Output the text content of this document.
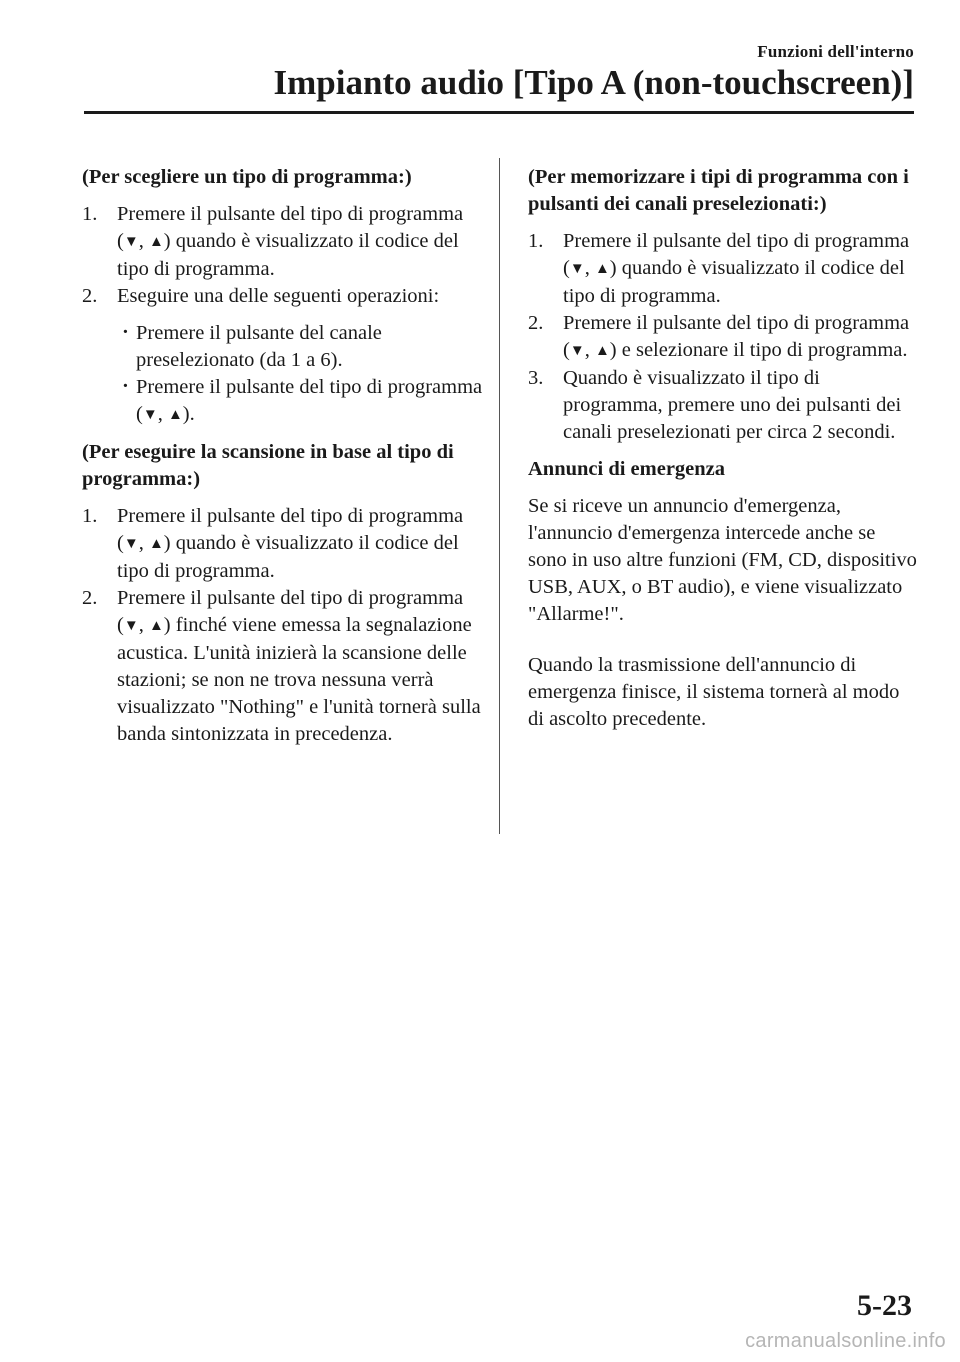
Funzioni dell'interno
Impianto audio [Tipo A (non-touchscreen)]

(Per scegliere un tipo di programma:)

1. Premere il pulsante del tipo di programma (▼, ▲) quando è visualizzato il codice del tipo di programma.
2. Eseguire una delle seguenti operazioni:
· Premere il pulsante del canale preselezionato (da 1 a 6).
· Premere il pulsante del tipo di programma (▼, ▲).

(Per eseguire la scansione in base al tipo di programma:)

1. Premere il pulsante del tipo di programma (▼, ▲) quando è visualizzato il codice del tipo di programma.
2. Premere il pulsante del tipo di programma (▼, ▲) finché viene emessa la segnalazione acustica. L'unità inizierà la scansione delle stazioni; se non ne trova nessuna verrà visualizzato "Nothing" e l'unità tornerà sulla banda sintonizzata in precedenza.

(Per memorizzare i tipi di programma con i pulsanti dei canali preselezionati:)

1. Premere il pulsante del tipo di programma (▼, ▲) quando è visualizzato il codice del tipo di programma.
2. Premere il pulsante del tipo di programma (▼, ▲) e selezionare il tipo di programma.
3. Quando è visualizzato il tipo di programma, premere uno dei pulsanti dei canali preselezionati per circa 2 secondi.

Annunci di emergenza

Se si riceve un annuncio d'emergenza, l'annuncio d'emergenza intercede anche se sono in uso altre funzioni (FM, CD, dispositivo USB, AUX, o BT audio), e viene visualizzato "Allarme!".

Quando la trasmissione dell'annuncio di emergenza finisce, il sistema tornerà al modo di ascolto precedente.

5-23
carmanualsonline.info
